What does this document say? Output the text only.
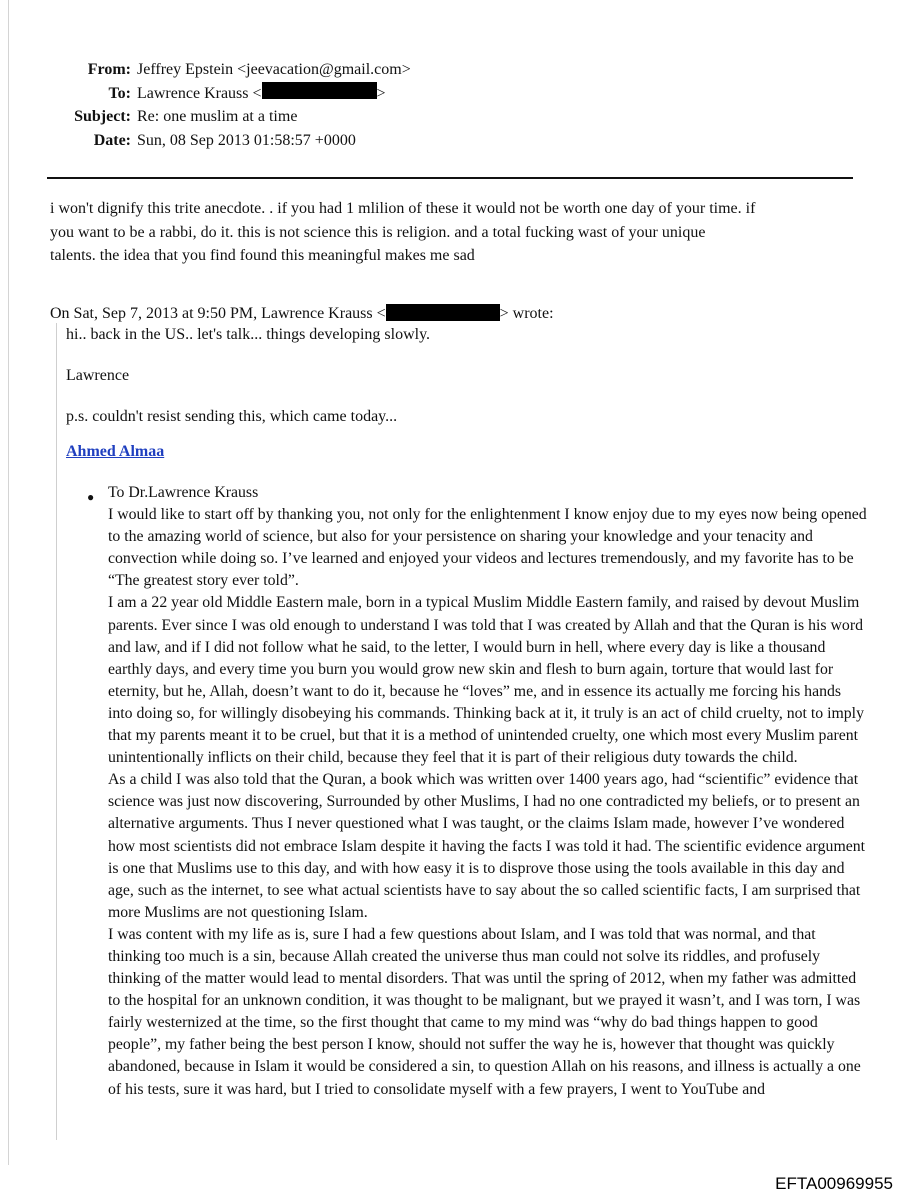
From: Jeffrey Epstein <jeevacation@gmail.com>
To: Lawrence Krauss <	>
Subject: Re: one muslim at a time
Date: Sun, 08 Sep 2013 01:58:57 +0000
i won't dignify this trite anecdote. . if you had 1 mlilion of these it would not be worth one day of your time. if
you want to be a rabbi, do it. this is not science this is religion. and a total fucking wast of your unique
talents. the idea that you find found this meaningful makes me sad
On Sat, Sep 7, 2013 at 9:50 PM, Lawrence Krauss <	> wrote:

hi.. back in the US.. let's talk... things developing slowly.

Lawrence

p.s. couldn't resist sending this, which came today...

Ahmed Almaa
● To Dr.Lawrence Krauss

I would like to start off by thanking you, not only for the enlightenment I know enjoy due to my eyes now being opened to the amazing world of science, but also for your persistence on sharing your knowledge and your tenacity and convection while doing so. I’ve learned and enjoyed your videos and lectures tremendously, and my favorite has to be “The greatest story ever told”.

I am a 22 year old Middle Eastern male, born in a typical Muslim Middle Eastern family, and raised by devout Muslim parents. Ever since I was old enough to understand I was told that I was created by Allah and that the Quran is his word and law, and if I did not follow what he said, to the letter, I would burn in hell, where every day is like a thousand earthly days, and every time you burn you would grow new skin and flesh to burn again, torture that would last for eternity, but he, Allah, doesn’t want to do it, because he “loves” me, and in essence its actually me forcing his hands into doing so, for willingly disobeying his commands. Thinking back at it, it truly is an act of child cruelty, not to imply that my parents meant it to be cruel, but that it is a method of unintended cruelty, one which most every Muslim parent unintentionally inflicts on their child, because they feel that it is part of their religious duty towards the child.

As a child I was also told that the Quran, a book which was written over 1400 years ago, had “scientific” evidence that science was just now discovering, Surrounded by other Muslims, I had no one contradicted my beliefs, or to present an alternative arguments. Thus I never questioned what I was taught, or the claims Islam made, however I’ve wondered how most scientists did not embrace Islam despite it having the facts I was told it had. The scientific evidence argument is one that Muslims use to this day, and with how easy it is to disprove those using the tools available in this day and age, such as the internet, to see what actual scientists have to say about the so called scientific facts, I am surprised that more Muslims are not questioning Islam.

I was content with my life as is, sure I had a few questions about Islam, and I was told that was normal, and that thinking too much is a sin, because Allah created the universe thus man could not solve its riddles, and profusely thinking of the matter would lead to mental disorders. That was until the spring of 2012, when my father was admitted to the hospital for an unknown condition, it was thought to be malignant, but we prayed it wasn’t, and I was torn, I was fairly westernized at the time, so the first thought that came to my mind was “why do bad things happen to good people”, my father being the best person I know, should not suffer the way he is, however that thought was quickly abandoned, because in Islam it would be considered a sin, to question Allah on his reasons, and illness is actually a one of his tests, sure it was hard, but I tried to consolidate myself with a few prayers, I went to YouTube and

EFTA00969955
